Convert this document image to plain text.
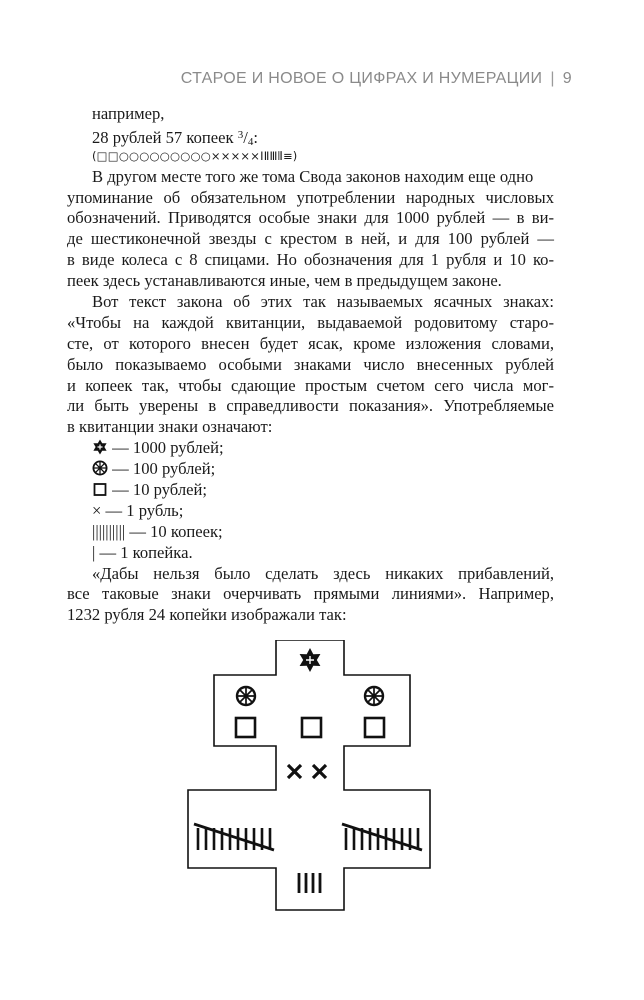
СТАРОЕ И НОВОЕ О ЦИФРАХ И НУМЕРАЦИИ | 9
например,
28 рублей 57 копеек $^3$/4:
(□□○○○○○○○○○×××××ⅠⅡⅢ⦀≡)
В другом месте того же тома Свода законов находим еще одно
упоминание об обязательном употреблении народных числовых
обозначений. Приводятся особые знаки для 1000 рублей — в ви-
де шестиконечной звезды с крестом в ней, и для 100 рублей —
в виде колеса с 8 спицами. Но обозначения для 1 рубля и 10 ко-
пеек здесь устанавливаются иные, чем в предыдущем законе.
Вот текст закона об этих так называемых ясачных знаках:
«Чтобы на каждой квитанции, выдаваемой родовитому старо-
сте, от которого внесен будет ясак, кроме изложения словами,
было показываемо особыми знаками число внесенных рублей
и копеек так, чтобы сдающие простым счетом сего числа мог-
ли быть уверены в справедливости показания». Употребляемые
в квитанции знаки означают:
— 1000 рублей;
— 100 рублей;
— 10 рублей;
× — 1 рубль;
|||||||||| — 10 копеек;
| — 1 копейка.
«Дабы нельзя было сделать здесь никаких прибавлений,
все таковые знаки очерчивать прямыми линиями». Например,
1232 рубля 24 копейки изображали так:
